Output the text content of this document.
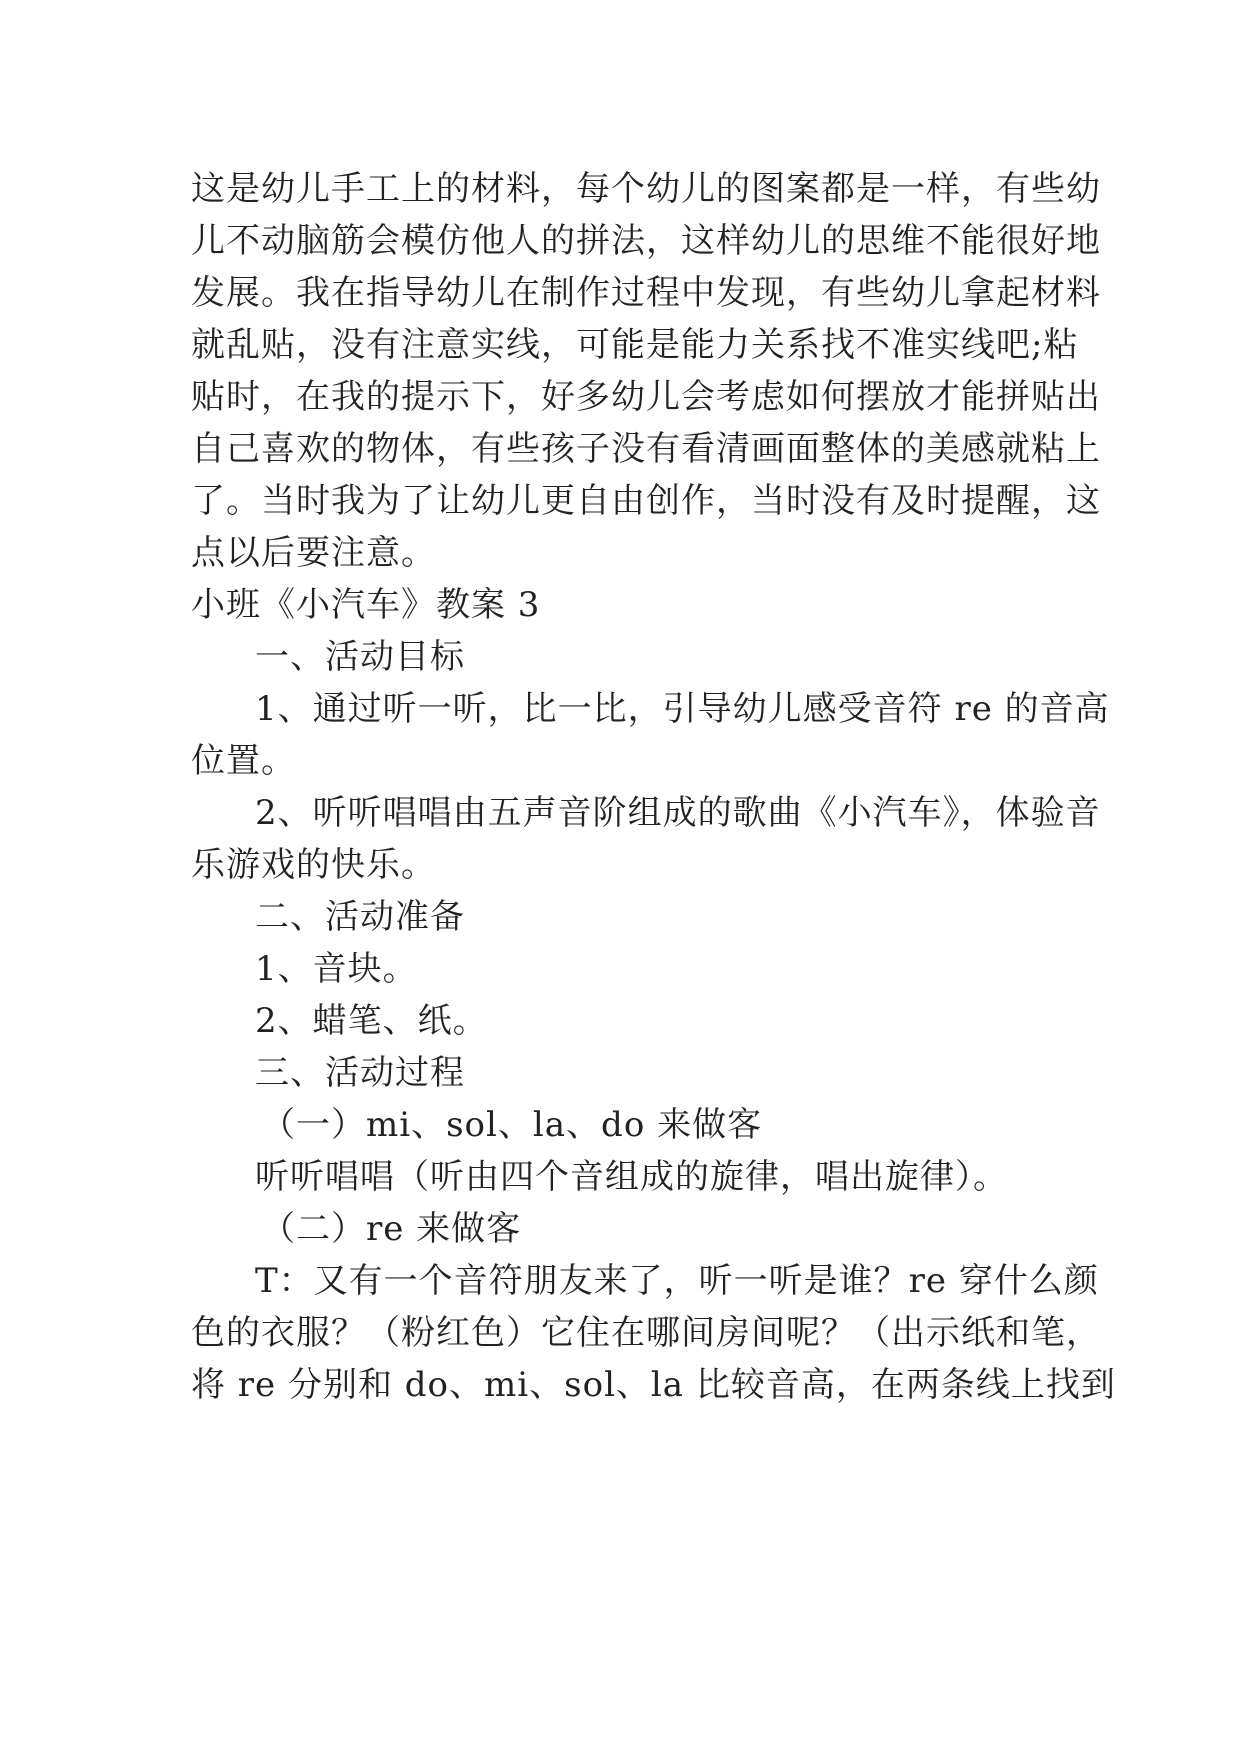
这是幼儿手工上的材料，每个幼儿的图案都是一样，有些幼
儿不动脑筋会模仿他人的拼法，这样幼儿的思维不能很好地
发展。我在指导幼儿在制作过程中发现，有些幼儿拿起材料
就乱贴，没有注意实线，可能是能力关系找不准实线吧;粘
贴时，在我的提示下，好多幼儿会考虑如何摆放才能拼贴出
自己喜欢的物体，有些孩子没有看清画面整体的美感就粘上
了。当时我为了让幼儿更自由创作，当时没有及时提醒，这
点以后要注意。
小班《小汽车》教案 3
一、活动目标
1、通过听一听，比一比，引导幼儿感受音符 re 的音高
位置。
2、听听唱唱由五声音阶组成的歌曲《小汽车》，体验音
乐游戏的快乐。
二、活动准备
1、音块。
2、蜡笔、纸。
三、活动过程
（一）mi、sol、la、do 来做客
听听唱唱（听由四个音组成的旋律，唱出旋律）。
（二）re 来做客
T：又有一个音符朋友来了，听一听是谁？re 穿什么颜
色的衣服？（粉红色）它住在哪间房间呢？（出示纸和笔，
将 re 分别和 do、mi、sol、la 比较音高，在两条线上找到
